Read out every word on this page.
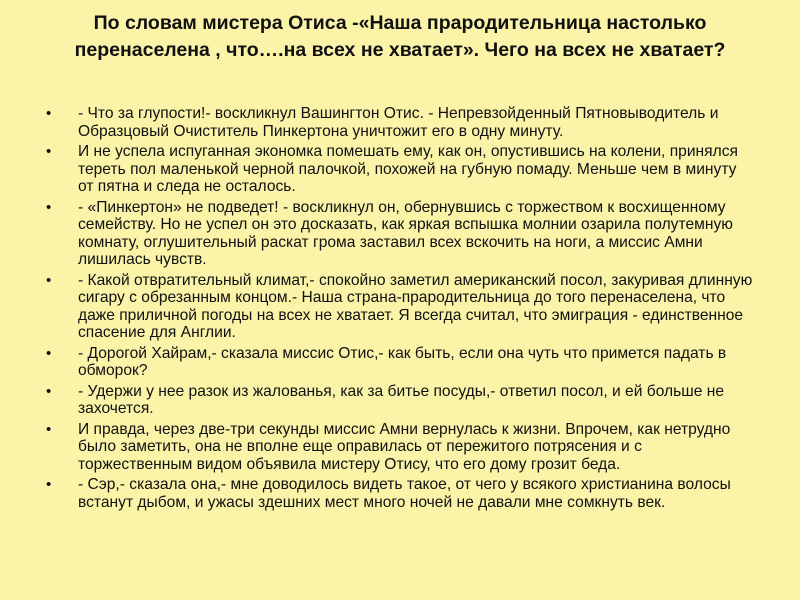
По словам мистера Отиса -«Наша прародительница настолько перенаселена , что….на всех не хватает». Чего на всех не хватает?
• - Что за глупости!- воскликнул Вашингтон Отис. - Непревзойденный Пятновыводитель и Образцовый Очиститель Пинкертона уничтожит его в одну минуту.
• И не успела испуганная экономка помешать ему, как он, опустившись на колени, принялся тереть пол маленькой черной палочкой, похожей на губную помаду. Меньше чем в минуту от пятна и следа не осталось.
• - «Пинкертон» не подведет! - воскликнул он, обернувшись с торжеством к восхищенному семейству. Но не успел он это досказать, как яркая вспышка молнии озарила полутемную комнату, оглушительный раскат грома заставил всех вскочить на ноги, а миссис Амни лишилась чувств.
• - Какой отвратительный климат,- спокойно заметил американский посол, закуривая длинную сигару с обрезанным концом.- Наша страна-прародительница до того перенаселена, что даже приличной погоды на всех не хватает. Я всегда считал, что эмиграция - единственное спасение для Англии.
• - Дорогой Хайрам,- сказала миссис Отис,- как быть, если она чуть что примется падать в обморок?
• - Удержи у нее разок из жалованья, как за битье посуды,- ответил посол, и ей больше не захочется.
• И правда, через две-три секунды миссис Амни вернулась к жизни. Впрочем, как нетрудно было заметить, она не вполне еще оправилась от пережитого потрясения и с торжественным видом объявила мистеру Отису, что его дому грозит беда.
• - Сэр,- сказала она,- мне доводилось видеть такое, от чего у всякого христианина волосы встанут дыбом, и ужасы здешних мест много ночей не давали мне сомкнуть век.
